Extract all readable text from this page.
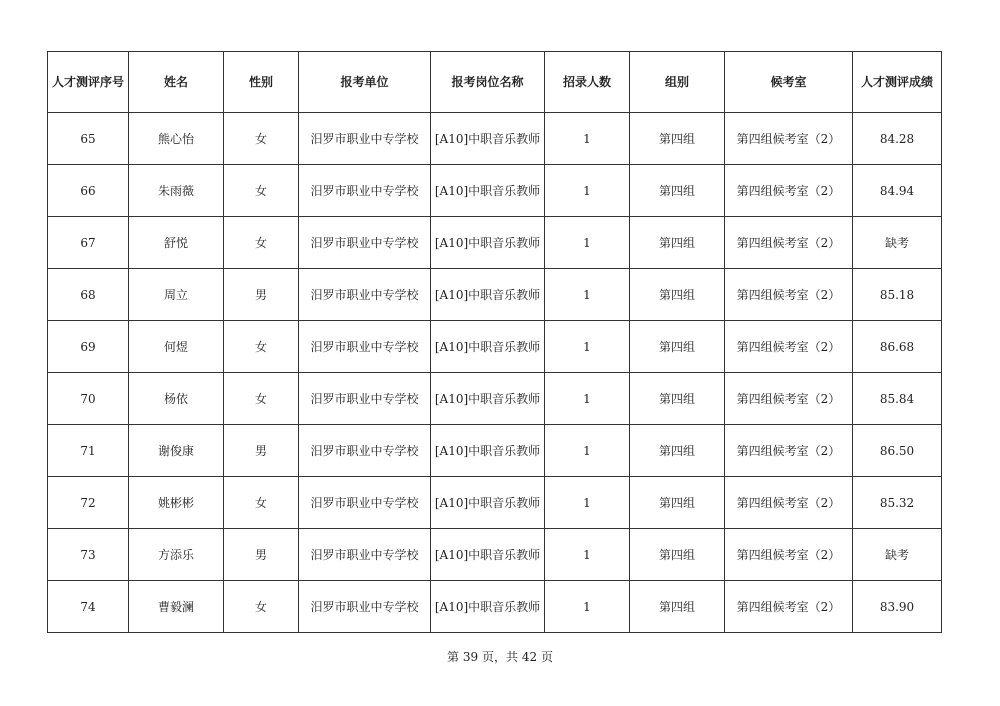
人才测评序号	姓名	性别	报考单位	报考岗位名称	招录人数	组别	候考室	人才测评成绩
65	熊心怡	女	汨罗市职业中专学校	[A10]中职音乐教师	1	第四组	第四组候考室（2）	84.28
66	朱雨薇	女	汨罗市职业中专学校	[A10]中职音乐教师	1	第四组	第四组候考室（2）	84.94
67	舒悦	女	汨罗市职业中专学校	[A10]中职音乐教师	1	第四组	第四组候考室（2）	缺考
68	周立	男	汨罗市职业中专学校	[A10]中职音乐教师	1	第四组	第四组候考室（2）	85.18
69	何煜	女	汨罗市职业中专学校	[A10]中职音乐教师	1	第四组	第四组候考室（2）	86.68
70	杨依	女	汨罗市职业中专学校	[A10]中职音乐教师	1	第四组	第四组候考室（2）	85.84
71	谢俊康	男	汨罗市职业中专学校	[A10]中职音乐教师	1	第四组	第四组候考室（2）	86.50
72	姚彬彬	女	汨罗市职业中专学校	[A10]中职音乐教师	1	第四组	第四组候考室（2）	85.32
73	方添乐	男	汨罗市职业中专学校	[A10]中职音乐教师	1	第四组	第四组候考室（2）	缺考
74	曹毅澜	女	汨罗市职业中专学校	[A10]中职音乐教师	1	第四组	第四组候考室（2）	83.90
第 39 页，共 42 页
